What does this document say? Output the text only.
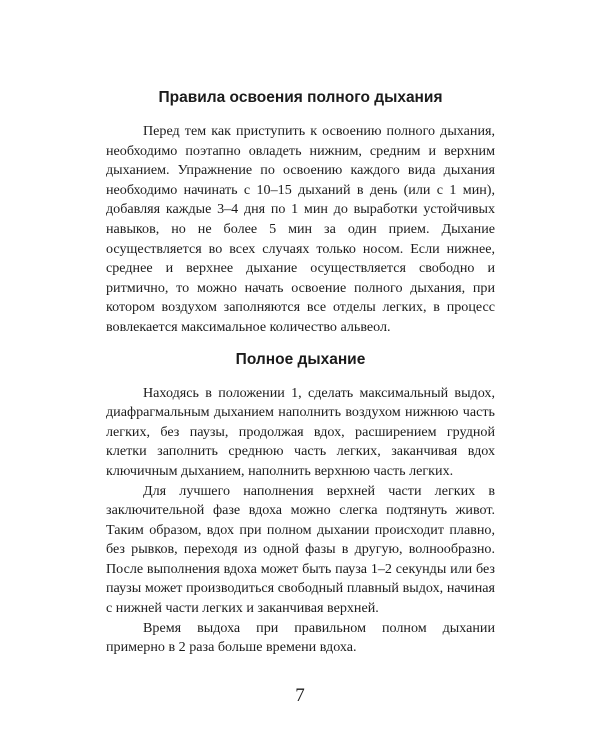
Правила освоения полного дыхания

Перед тем как приступить к освоению полного дыхания, необходимо поэтапно овладеть нижним, средним и верхним дыханием. Упражнение по освоению каждого вида дыхания необходимо начинать с 10–15 дыханий в день (или с 1 мин), добавляя каждые 3–4 дня по 1 мин до выработки устойчивых навыков, но не более 5 мин за один прием. Дыхание осуществляется во всех случаях только носом. Если нижнее, среднее и верхнее дыхание осуществляется свободно и ритмично, то можно начать освоение полного дыхания, при котором воздухом заполняются все отделы легких, в процесс вовлекается максимальное количество альвеол.

Полное дыхание

Находясь в положении 1, сделать максимальный выдох, диафрагмальным дыханием наполнить воздухом нижнюю часть легких, без паузы, продолжая вдох, расширением грудной клетки заполнить среднюю часть легких, заканчивая вдох ключичным дыханием, наполнить верхнюю часть легких.

Для лучшего наполнения верхней части легких в заключительной фазе вдоха можно слегка подтянуть живот. Таким образом, вдох при полном дыхании происходит плавно, без рывков, переходя из одной фазы в другую, волнообразно. После выполнения вдоха может быть пауза 1–2 секунды или без паузы может производиться свободный плавный выдох, начиная с нижней части легких и заканчивая верхней.

Время выдоха при правильном полном дыхании примерно в 2 раза больше времени вдоха.

7
